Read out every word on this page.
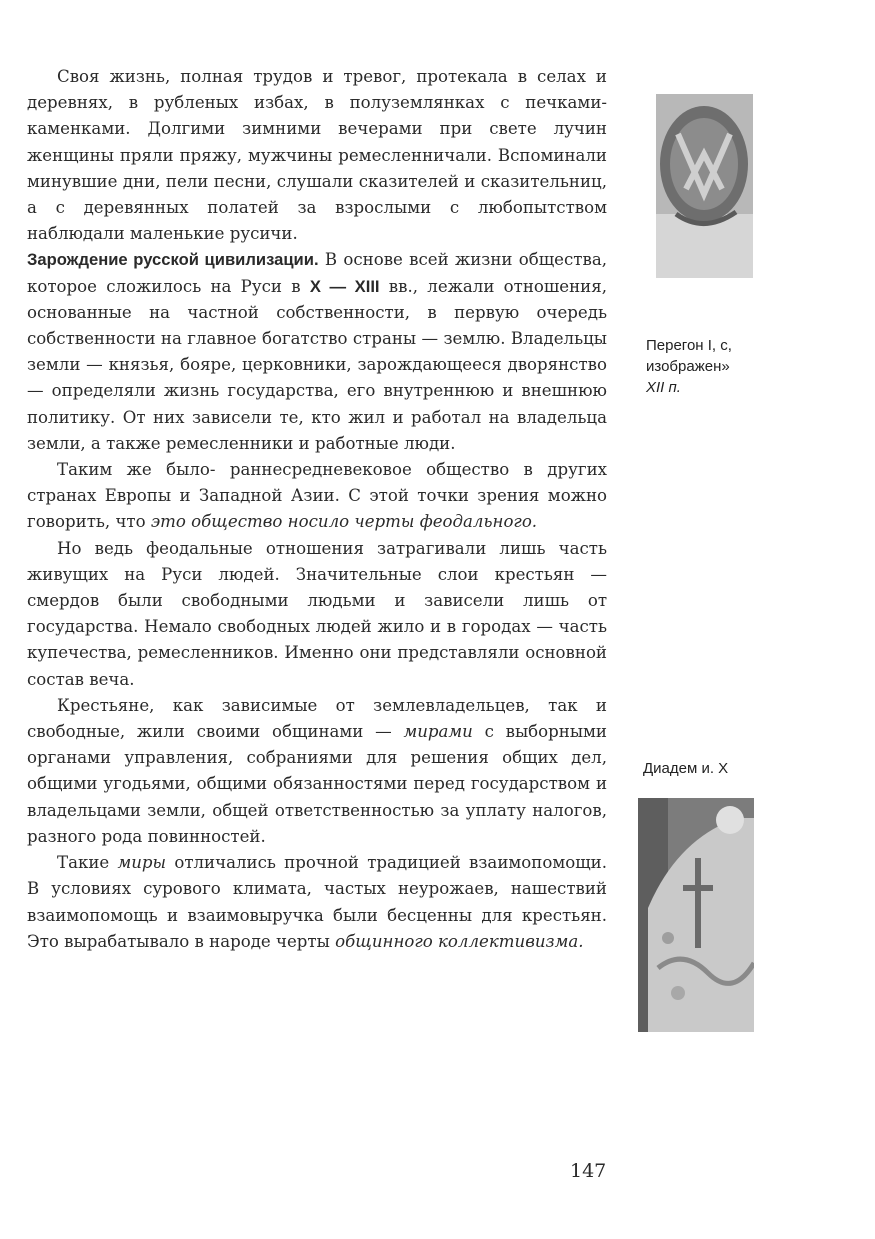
Своя жизнь, полная трудов и тревог, протекала в селах и деревнях, в рубленых избах, в полуземлянках с печками-каменками. Долгими зимними вечерами при свете лучин женщины пряли пряжу, мужчины ремесленничали. Вспоминали минувшие дни, пели песни, слушали сказителей и сказительниц, а с деревянных полатей за взрослыми с любопытством наблюдали маленькие русичи.

Зарождение русской цивилизации. В основе всей жизни общества, которое сложилось на Руси в X — XIII вв., лежали отношения, основанные на частной собственности, в первую очередь собственности на главное богатство страны — землю. Владельцы земли — князья, бояре, церковники, зарождающееся дворянство — определяли жизнь государства, его внутреннюю и внешнюю политику. От них зависели те, кто жил и работал на владельца земли, а также ремесленники и работные люди.

Таким же было- раннесредневековое общество в других странах Европы и Западной Азии. С этой точки зрения можно говорить, что это общество носило черты феодального.

Но ведь феодальные отношения затрагивали лишь часть живущих на Руси людей. Значительные слои крестьян — смердов были свободными людьми и зависели лишь от государства. Немало свободных людей жило и в городах — часть купечества, ремесленников. Именно они представляли основной состав веча.

Крестьяне, как зависимые от землевладельцев, так и свободные, жили своими общинами — мирами с выборными органами управления, собраниями для решения общих дел, общими угодьями, общими обязанностями перед государством и владельцами земли, общей ответственностью за уплату налогов, разного рода повинностей.

Такие миры отличались прочной традицией взаимопомощи. В условиях сурового климата, частых неурожаев, нашествий взаимопомощь и взаимовыручка были бесценны для крестьян. Это вырабатывало в народе черты общинного коллективизма.

Перегон I, с,
изображен»
XII п.
Диадем и. X
147
